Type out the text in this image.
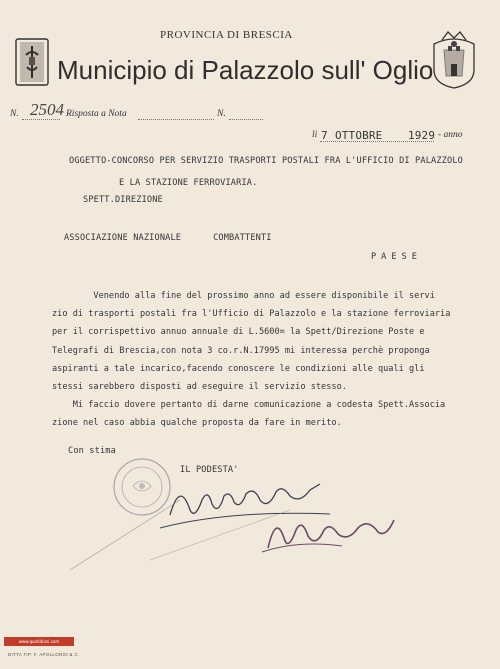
PROVINCIA DI BRESCIA
Municipio di Palazzolo sull' Oglio
N. 2504 Risposta a Nota	N.
li 7 OTTOBRE 1929 - anno
OGGETTO-CONCORSO PER SERVIZIO TRASPORTI POSTALI FRA L'UFFICIO DI PALAZZOLO
E LA STAZIONE FERROVIARIA.
SPETT.DIREZIONE
ASSOCIAZIONE NAZIONALE      COMBATTENTI
PAESE
Venendo alla fine del prossimo anno ad essere disponibile il servi
zio di trasporti postali fra l'Ufficio di Palazzolo e la stazione ferroviaria
per il corrispettivo annuo annuale di L.5600= la Spett/Direzione Poste e
Telegrafi di Brescia,con nota 3 co.r.N.17995 mi interessa perchè proponga
aspiranti a tale incarico,facendo conoscere le condizioni alle quali gli
stessi sarebbero disposti ad eseguire il servizio stesso.
Mi faccio dovere pertanto di darne comunicazione a codesta Spett.Associa
zione nel caso abbia qualche proposta da fare in merito.
Con stima
IL PODESTA'
www.quotidiani.com
DITTA TIP. F. APOLLONIO & C.
